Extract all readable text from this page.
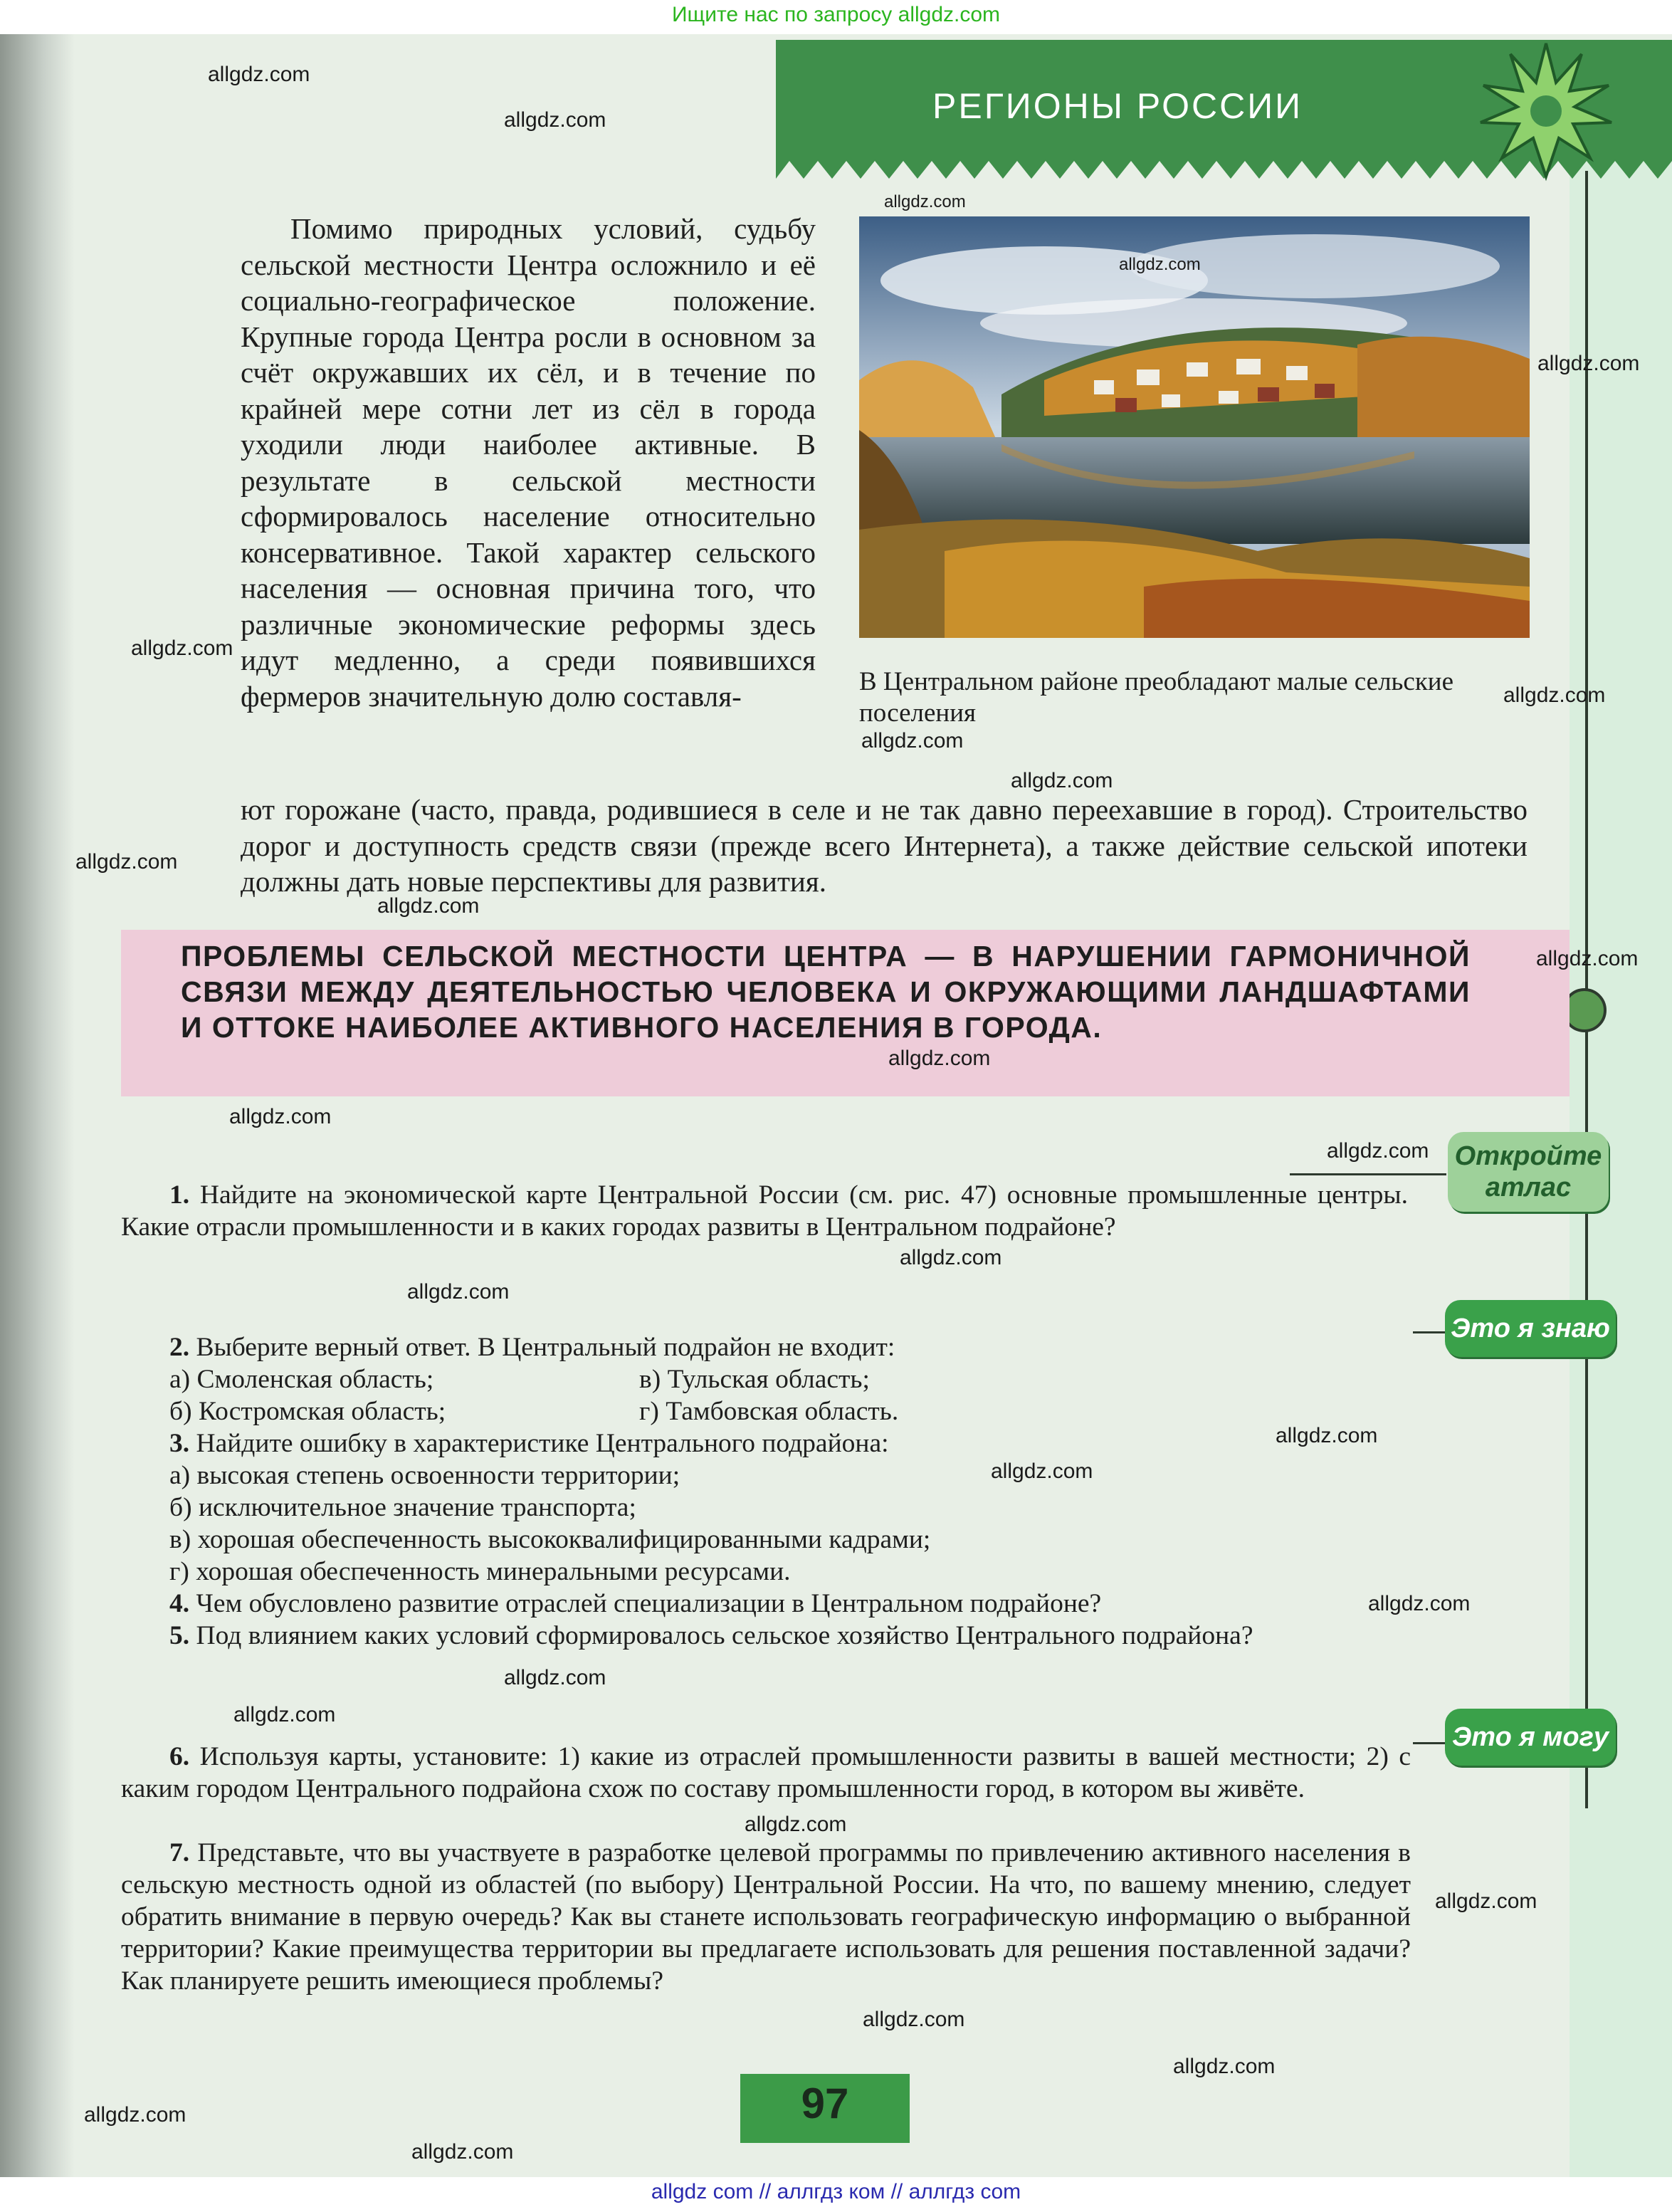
Ищите нас по запросу allgdz.com
РЕГИОНЫ РОССИИ
Откройте атлас
Это я знаю
Это я могу
Помимо природных условий, судьбу сельской местности Центра осложнило и её социально-географическое положение. Крупные города Центра росли в основном за счёт окружавших их сёл, и в течение по крайней мере сотни лет из сёл в города уходили люди наиболее активные. В результате в сельской местности сформировалось население относительно консервативное. Такой характер сельского населения — основная причина того, что различные экономические реформы здесь идут медленно, а среди появившихся фермеров значительную долю составля-
ют горожане (часто, правда, родившиеся в селе и не так давно переехавшие в город). Строительство дорог и доступность средств связи (прежде всего Интернета), а также действие сельской ипотеки должны дать новые перспективы для развития.
В Центральном районе преобладают малые сельские поселения
ПРОБЛЕМЫ СЕЛЬСКОЙ МЕСТНОСТИ ЦЕНТРА — В НАРУШЕНИИ ГАРМОНИЧНОЙ СВЯЗИ МЕЖДУ ДЕЯТЕЛЬНОСТЬЮ ЧЕЛОВЕКА И ОКРУЖАЮЩИМИ ЛАНДШАФТАМИ И ОТТОКЕ НАИБОЛЕЕ АКТИВНОГО НАСЕЛЕНИЯ В ГОРОДА.
1. Найдите на экономической карте Центральной России (см. рис. 47) основные промышленные центры. Какие отрасли промышленности и в каких городах развиты в Центральном подрайоне?
2. Выберите верный ответ. В Центральный подрайон не входит:
а) Смоленская область;	в) Тульская область;
б) Костромская область;	г) Тамбовская область.
3. Найдите ошибку в характеристике Центрального подрайона:
а) высокая степень освоенности территории;
б) исключительное значение транспорта;
в) хорошая обеспеченность высококвалифицированными кадрами;
г) хорошая обеспеченность минеральными ресурсами.
4. Чем обусловлено развитие отраслей специализации в Центральном подрайоне?
5. Под влиянием каких условий сформировалось сельское хозяйство Центрального подрайона?
6. Используя карты, установите: 1) какие из отраслей промышленности развиты в вашей местности; 2) с каким городом Центрального подрайона схож по составу промышленности город, в котором вы живёте.
7. Представьте, что вы участвуете в разработке целевой программы по привлечению активного населения в сельскую местность одной из областей (по выбору) Центральной России. На что, по вашему мнению, следует обратить внимание в первую очередь? Как вы станете использовать географическую информацию о выбранной территории? Какие преимущества территории вы предлагаете использовать для решения поставленной задачи? Как планируете решить имеющиеся проблемы?
97
allgdz.com
allgdz.com
allgdz.com
allgdz.com
allgdz.com
allgdz.com
allgdz.com
allgdz.com
allgdz.com
allgdz.com
allgdz.com
allgdz.com
allgdz.com
allgdz.com
allgdz.com
allgdz.com
allgdz.com
allgdz.com
allgdz.com
allgdz.com
allgdz.com
allgdz.com
allgdz.com
allgdz.com
allgdz.com
allgdz.com
allgdz.com
allgdz.com
allgdz com // аллгдз ком // аллгдз com
